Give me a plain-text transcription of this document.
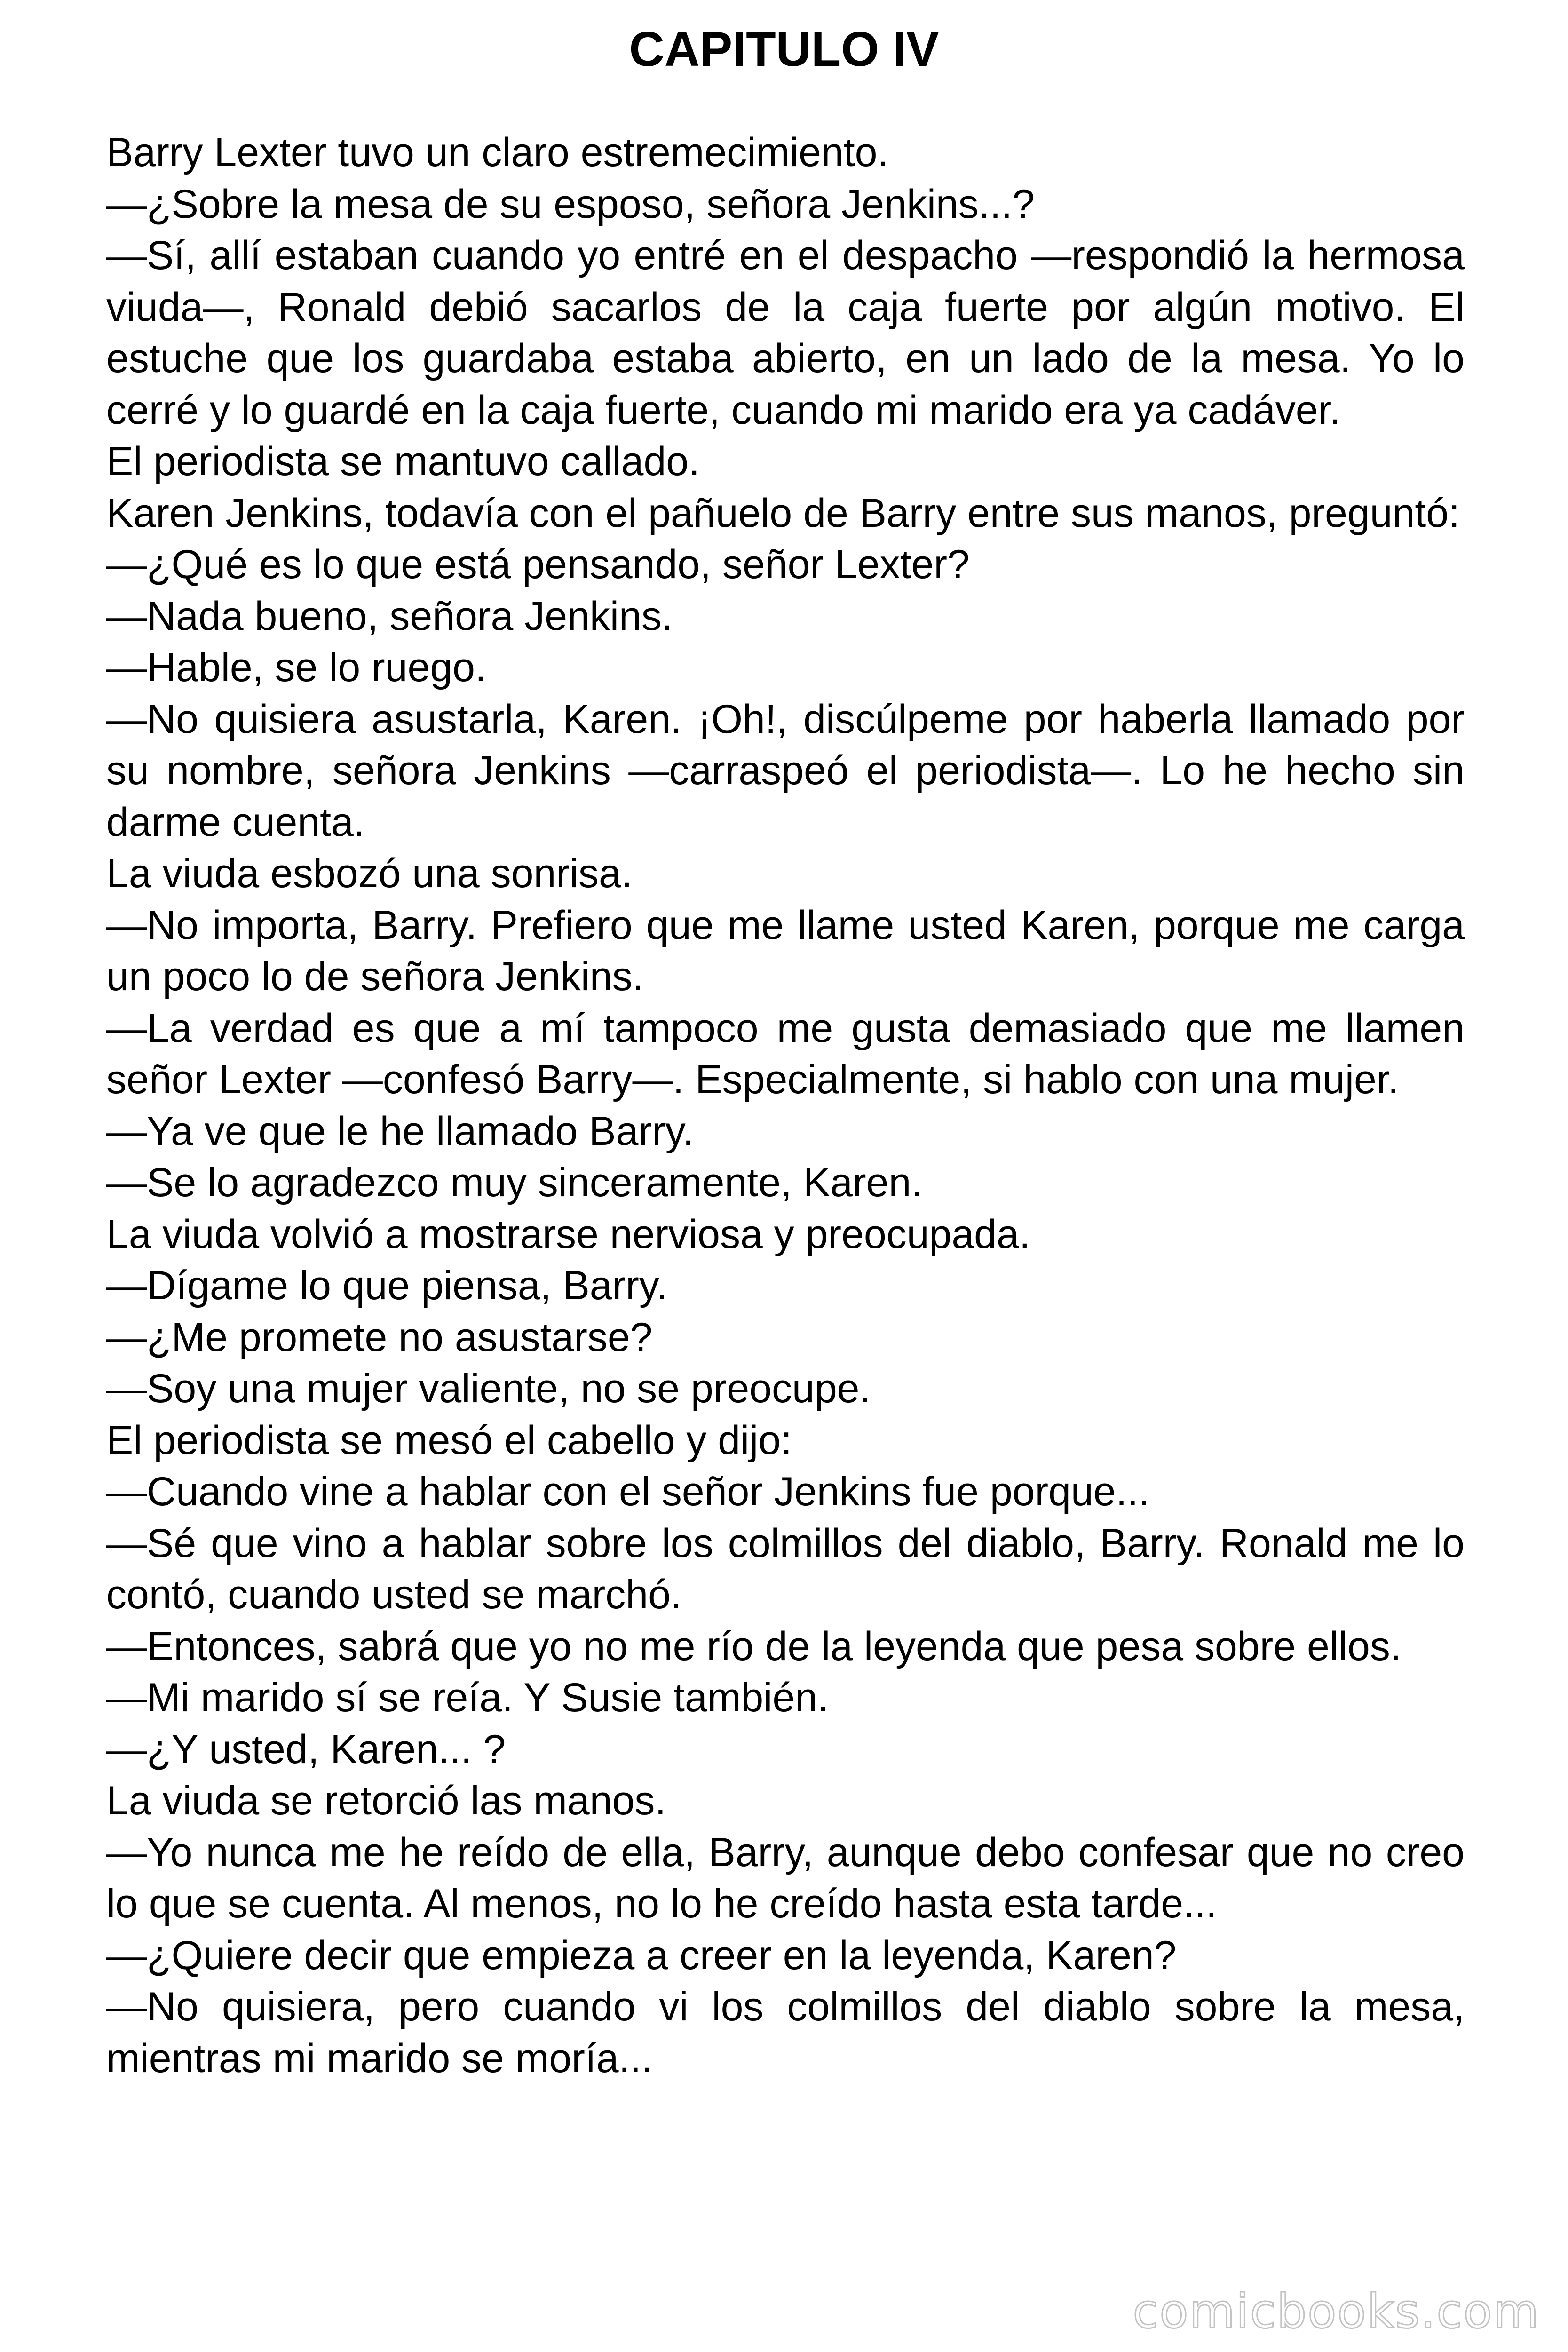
CAPITULO IV

Barry Lexter tuvo un claro estremecimiento.

—¿Sobre la mesa de su esposo, señora Jenkins...?

—Sí, allí estaban cuando yo entré en el despacho —respondió la hermosa viuda—, Ronald debió sacarlos de la caja fuerte por algún motivo. El estuche que los guardaba estaba abierto, en un lado de la mesa. Yo lo cerré y lo guardé en la caja fuerte, cuando mi marido era ya cadáver.

El periodista se mantuvo callado.

Karen Jenkins, todavía con el pañuelo de Barry entre sus manos, preguntó:

—¿Qué es lo que está pensando, señor Lexter?

—Nada bueno, señora Jenkins.

—Hable, se lo ruego.

—No quisiera asustarla, Karen. ¡Oh!, discúlpeme por haberla llamado por su nombre, señora Jenkins —carraspeó el periodista—. Lo he hecho sin darme cuenta.

La viuda esbozó una sonrisa.

—No importa, Barry. Prefiero que me llame usted Karen, porque me carga un poco lo de señora Jenkins.

—La verdad es que a mí tampoco me gusta demasiado que me llamen señor Lexter —confesó Barry—. Especialmente, si hablo con una mujer.

—Ya ve que le he llamado Barry.

—Se lo agradezco muy sinceramente, Karen.

La viuda volvió a mostrarse nerviosa y preocupada.

—Dígame lo que piensa, Barry.

—¿Me promete no asustarse?

—Soy una mujer valiente, no se preocupe.

El periodista se mesó el cabello y dijo:

—Cuando vine a hablar con el señor Jenkins fue porque...

—Sé que vino a hablar sobre los colmillos del diablo, Barry. Ronald me lo contó, cuando usted se marchó.

—Entonces, sabrá que yo no me río de la leyenda que pesa sobre ellos.

—Mi marido sí se reía. Y Susie también.

—¿Y usted, Karen... ?

La viuda se retorció las manos.

—Yo nunca me he reído de ella, Barry, aunque debo confesar que no creo lo que se cuenta. Al menos, no lo he creído hasta esta tarde...

—¿Quiere decir que empieza a creer en la leyenda, Karen?

—No quisiera, pero cuando vi los colmillos del diablo sobre la mesa, mientras mi marido se moría...

comicbooks.com
